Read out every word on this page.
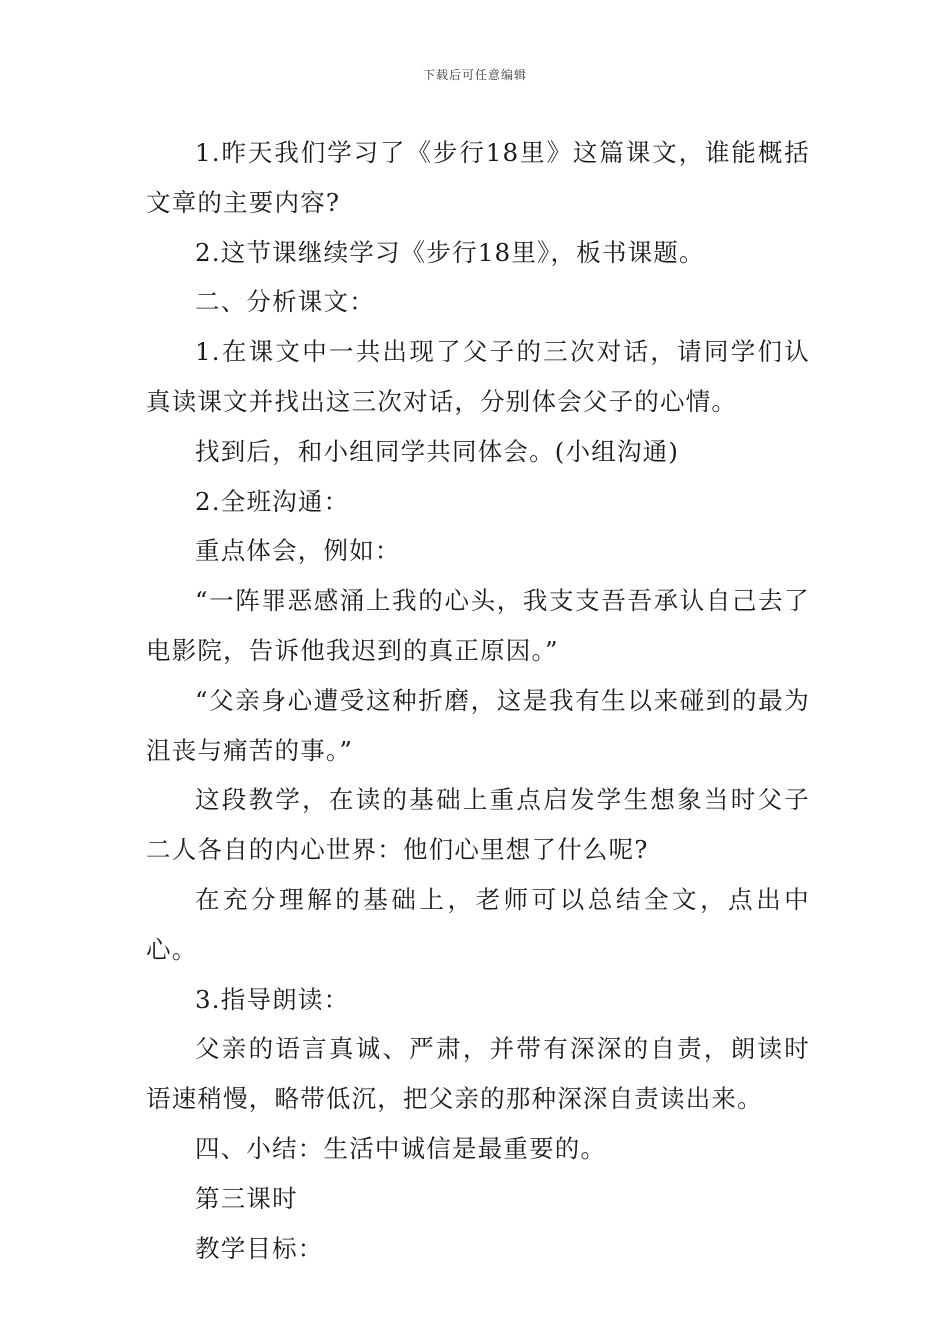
下载后可任意编辑

1.昨天我们学习了《步行18里》这篇课文，谁能概括文章的主要内容?

2.这节课继续学习《步行18里》，板书课题。

二、分析课文：

1.在课文中一共出现了父子的三次对话，请同学们认真读课文并找出这三次对话，分别体会父子的心情。

找到后，和小组同学共同体会。(小组沟通)

2.全班沟通：

重点体会，例如：

“一阵罪恶感涌上我的心头，我支支吾吾承认自己去了电影院，告诉他我迟到的真正原因。”

“父亲身心遭受这种折磨，这是我有生以来碰到的最为沮丧与痛苦的事。”

这段教学，在读的基础上重点启发学生想象当时父子二人各自的内心世界：他们心里想了什么呢?

在充分理解的基础上，老师可以总结全文，点出中心。

3.指导朗读：

父亲的语言真诚、严肃，并带有深深的自责，朗读时语速稍慢，略带低沉，把父亲的那种深深自责读出来。

四、小结：生活中诚信是最重要的。

第三课时

教学目标：
